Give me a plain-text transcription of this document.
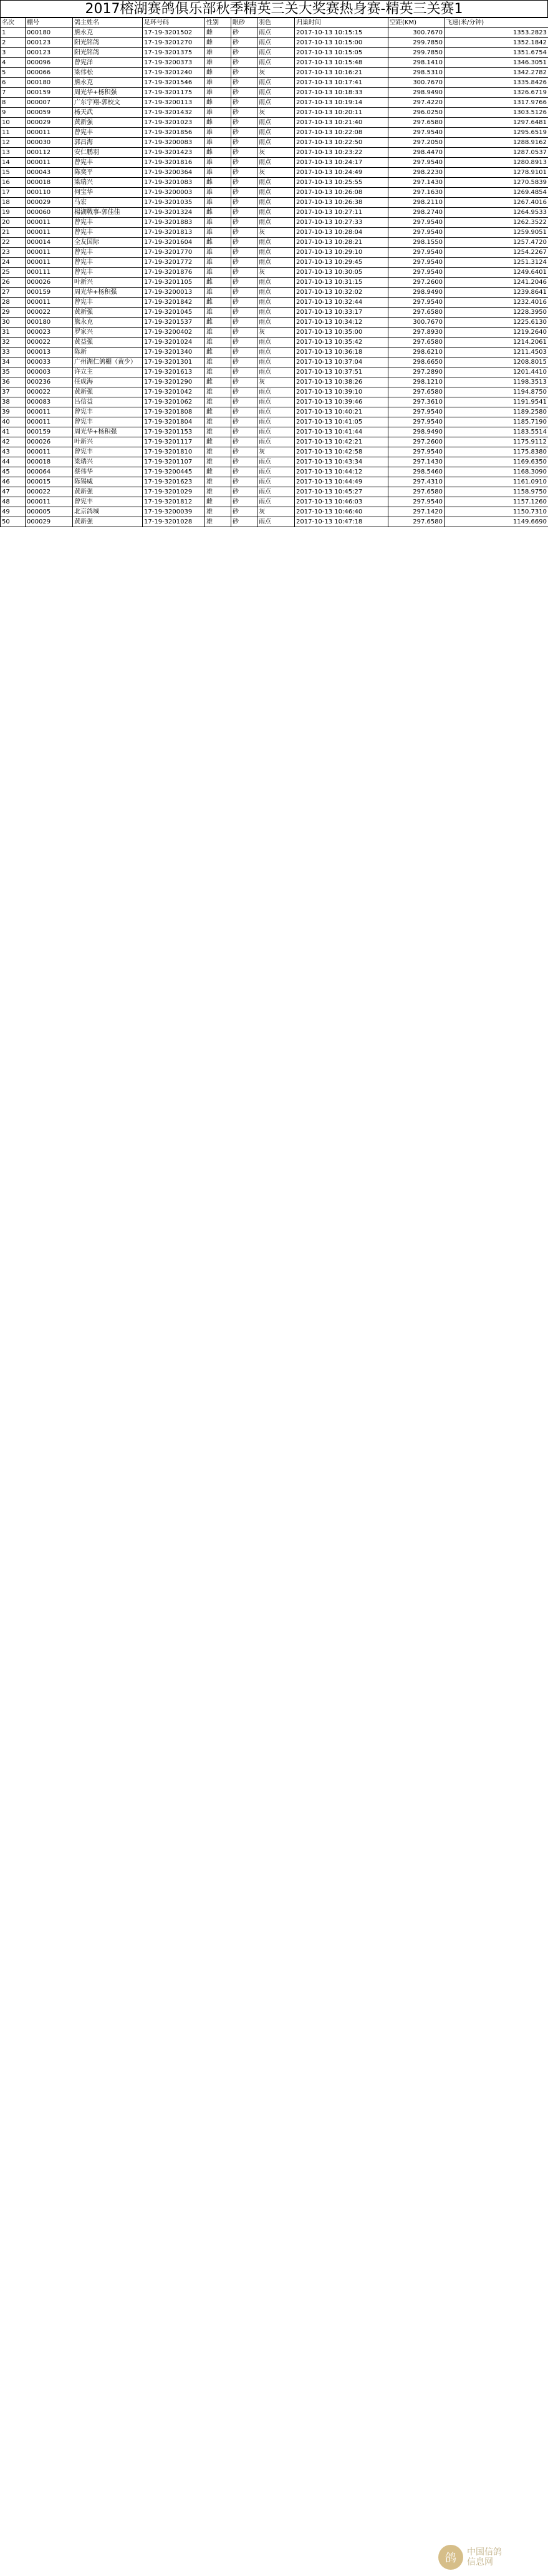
2017榕湖赛鸽俱乐部秋季精英三关大奖赛热身赛-精英三关赛1
名次	棚号	鸽主姓名	足环号码	性别	眼砂	羽色	归巢时间	空距(KM)	飞速(米/分钟)
1	000180	熊永克	17-19-3201502	雌	砂	雨点	2017-10-13 10:15:15	300.7670	1353.2823
2	000123	阳光铭鸽	17-19-3201270	雌	砂	雨点	2017-10-13 10:15:00	299.7850	1352.1842
3	000123	阳光铭鸽	17-19-3201375	雄	砂	雨点	2017-10-13 10:15:05	299.7850	1351.6754
4	000096	曾宪洋	17-19-3200373	雄	砂	雨点	2017-10-13 10:15:48	298.1410	1346.3051
5	000066	梁伟松	17-19-3201240	雌	砂	灰	2017-10-13 10:16:21	298.5310	1342.2782
6	000180	熊永克	17-19-3201546	雄	砂	雨点	2017-10-13 10:17:41	300.7670	1335.8426
7	000159	周光华+杨积强	17-19-3201175	雄	砂	雨点	2017-10-13 10:18:33	298.9490	1326.6719
8	000007	广东宇翔-郭校文	17-19-3200113	雌	砂	雨点	2017-10-13 10:19:14	297.4220	1317.9766
9	000059	杨天武	17-19-3201432	雄	砂	灰	2017-10-13 10:20:11	296.0250	1303.5126
10	000029	黄新强	17-19-3201023	雌	砂	雨点	2017-10-13 10:21:40	297.6580	1297.6481
11	000011	曾宪丰	17-19-3201856	雄	砂	雨点	2017-10-13 10:22:08	297.9540	1295.6519
12	000030	郭昌海	17-19-3200083	雄	砂	雨点	2017-10-13 10:22:50	297.2050	1288.9162
13	000112	安仁鹏羽	17-19-3201423	雌	砂	灰	2017-10-13 10:23:22	298.4470	1287.0537
14	000011	曾宪丰	17-19-3201816	雄	砂	雨点	2017-10-13 10:24:17	297.9540	1280.8913
15	000043	陈奕平	17-19-3200364	雄	砂	灰	2017-10-13 10:24:49	298.2230	1278.9101
16	000018	梁瑞兴	17-19-3201083	雌	砂	雨点	2017-10-13 10:25:55	297.1430	1270.5839
17	000110	何宝华	17-19-3200003	雄	砂	雨点	2017-10-13 10:26:08	297.1630	1269.4854
18	000029	马宏	17-19-3201035	雄	砂	雨点	2017-10-13 10:26:38	298.2110	1267.4016
19	000060	楊湖戰事-郭佳佳	17-19-3201324	雌	砂	雨点	2017-10-13 10:27:11	298.2740	1264.9533
20	000011	曾宪丰	17-19-3201883	雄	砂	雨点	2017-10-13 10:27:33	297.9540	1262.3522
21	000011	曾宪丰	17-19-3201813	雄	砂	灰	2017-10-13 10:28:04	297.9540	1259.9051
22	000014	全友国际	17-19-3201604	雌	砂	雨点	2017-10-13 10:28:21	298.1550	1257.4720
23	000011	曾宪丰	17-19-3201770	雄	砂	雨点	2017-10-13 10:29:10	297.9540	1254.2267
24	000011	曾宪丰	17-19-3201772	雄	砂	雨点	2017-10-13 10:29:45	297.9540	1251.3124
25	000111	曾宪丰	17-19-3201876	雄	砂	灰	2017-10-13 10:30:05	297.9540	1249.6401
26	000026	叶新兴	17-19-3201105	雌	砂	雨点	2017-10-13 10:31:15	297.2600	1241.2046
27	000159	周光华+杨积强	17-19-3200013	雄	砂	雨点	2017-10-13 10:32:02	298.9490	1239.8641
28	000011	曾宪丰	17-19-3201842	雌	砂	雨点	2017-10-13 10:32:44	297.9540	1232.4016
29	000022	黄新强	17-19-3201045	雄	砂	雨点	2017-10-13 10:33:17	297.6580	1228.3950
30	000180	熊永克	17-19-3201537	雌	砂	雨点	2017-10-13 10:34:12	300.7670	1225.6130
31	000023	罗家兴	17-19-3200402	雄	砂	灰	2017-10-13 10:35:00	297.8930	1219.2640
32	000022	黄益强	17-19-3201024	雄	砂	雨点	2017-10-13 10:35:42	297.6580	1214.2061
33	000013	陈新	17-19-3201340	雌	砂	雨点	2017-10-13 10:36:18	298.6210	1211.4503
34	000033	广州湖仁鸽棚（黄少）	17-19-3201301	雄	砂	雨点	2017-10-13 10:37:04	298.6650	1208.8015
35	000003	许立主	17-19-3201613	雄	砂	雨点	2017-10-13 10:37:51	297.2890	1201.4410
36	000236	任成海	17-19-3201290	雌	砂	灰	2017-10-13 10:38:26	298.1210	1198.3513
37	000022	黄新强	17-19-3201042	雄	砂	雨点	2017-10-13 10:39:10	297.6580	1194.8750
38	000083	吕信益	17-19-3201062	雄	砂	雨点	2017-10-13 10:39:46	297.3610	1191.9541
39	000011	曾宪丰	17-19-3201808	雌	砂	雨点	2017-10-13 10:40:21	297.9540	1189.2580
40	000011	曾宪丰	17-19-3201804	雄	砂	雨点	2017-10-13 10:41:05	297.9540	1185.7190
41	000159	周光华+杨积强	17-19-3201153	雄	砂	雨点	2017-10-13 10:41:44	298.9490	1183.5514
42	000026	叶新兴	17-19-3201117	雌	砂	雨点	2017-10-13 10:42:21	297.2600	1175.9112
43	000011	曾宪丰	17-19-3201810	雄	砂	灰	2017-10-13 10:42:58	297.9540	1175.8380
44	000018	梁瑞兴	17-19-3201107	雄	砂	雨点	2017-10-13 10:43:34	297.1430	1169.6350
45	000064	蔡伟华	17-19-3200445	雌	砂	雨点	2017-10-13 10:44:12	298.5460	1168.3090
46	000015	陈锡威	17-19-3201623	雄	砂	雨点	2017-10-13 10:44:49	297.4310	1161.0910
47	000022	黄新强	17-19-3201029	雄	砂	雨点	2017-10-13 10:45:27	297.6580	1158.9750
48	000011	曾宪丰	17-19-3201812	雌	砂	雨点	2017-10-13 10:46:03	297.9540	1157.1260
49	000005	北京鸽城	17-19-3200039	雄	砂	灰	2017-10-13 10:46:40	297.1420	1150.7310
50	000029	黄新强	17-19-3201028	雄	砂	雨点	2017-10-13 10:47:18	297.6580	1149.6690
鸽	中国信鸽
信息网
